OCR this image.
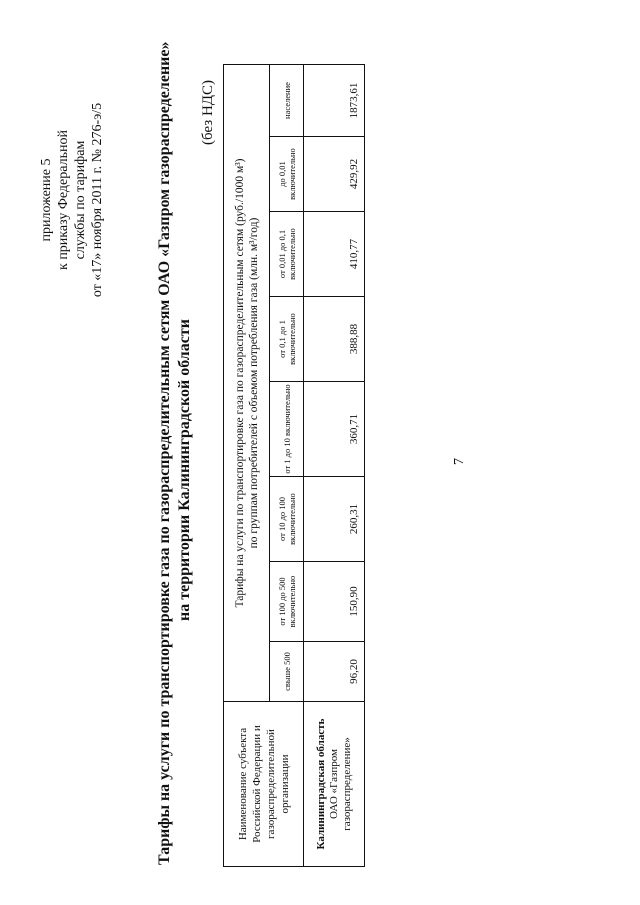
приложение 5 к приказу Федеральной службы по тарифам от «17» ноября 2011 г. № 276-э/5	Тарифы на услуги по транспортировке газа по газораспределительным сетям ОАО «Газпром газораспределение» на территории Калининградской области
(без НДС)
Наименование субъекта Российской Федерации и газораспределительной организации	Тарифы на услуги по транспортировке газа по газораспределительным сетям (руб./1000 м³) по группам потребителей с объемом потребления газа (млн. м³/год)							
	свыше 500	от 100 до 500 включительно	от 10 до 100 включительно	от 1 до 10 включительно	от 0,1 до 1 включительно	от 0,01 до 0,1 включительно	до 0,01 включительно	население

Калининградская область ОАО «Газпром газораспределение»	96,20	150,90	260,31	360,71	388,88	410,77	429,92	1873,61
7
